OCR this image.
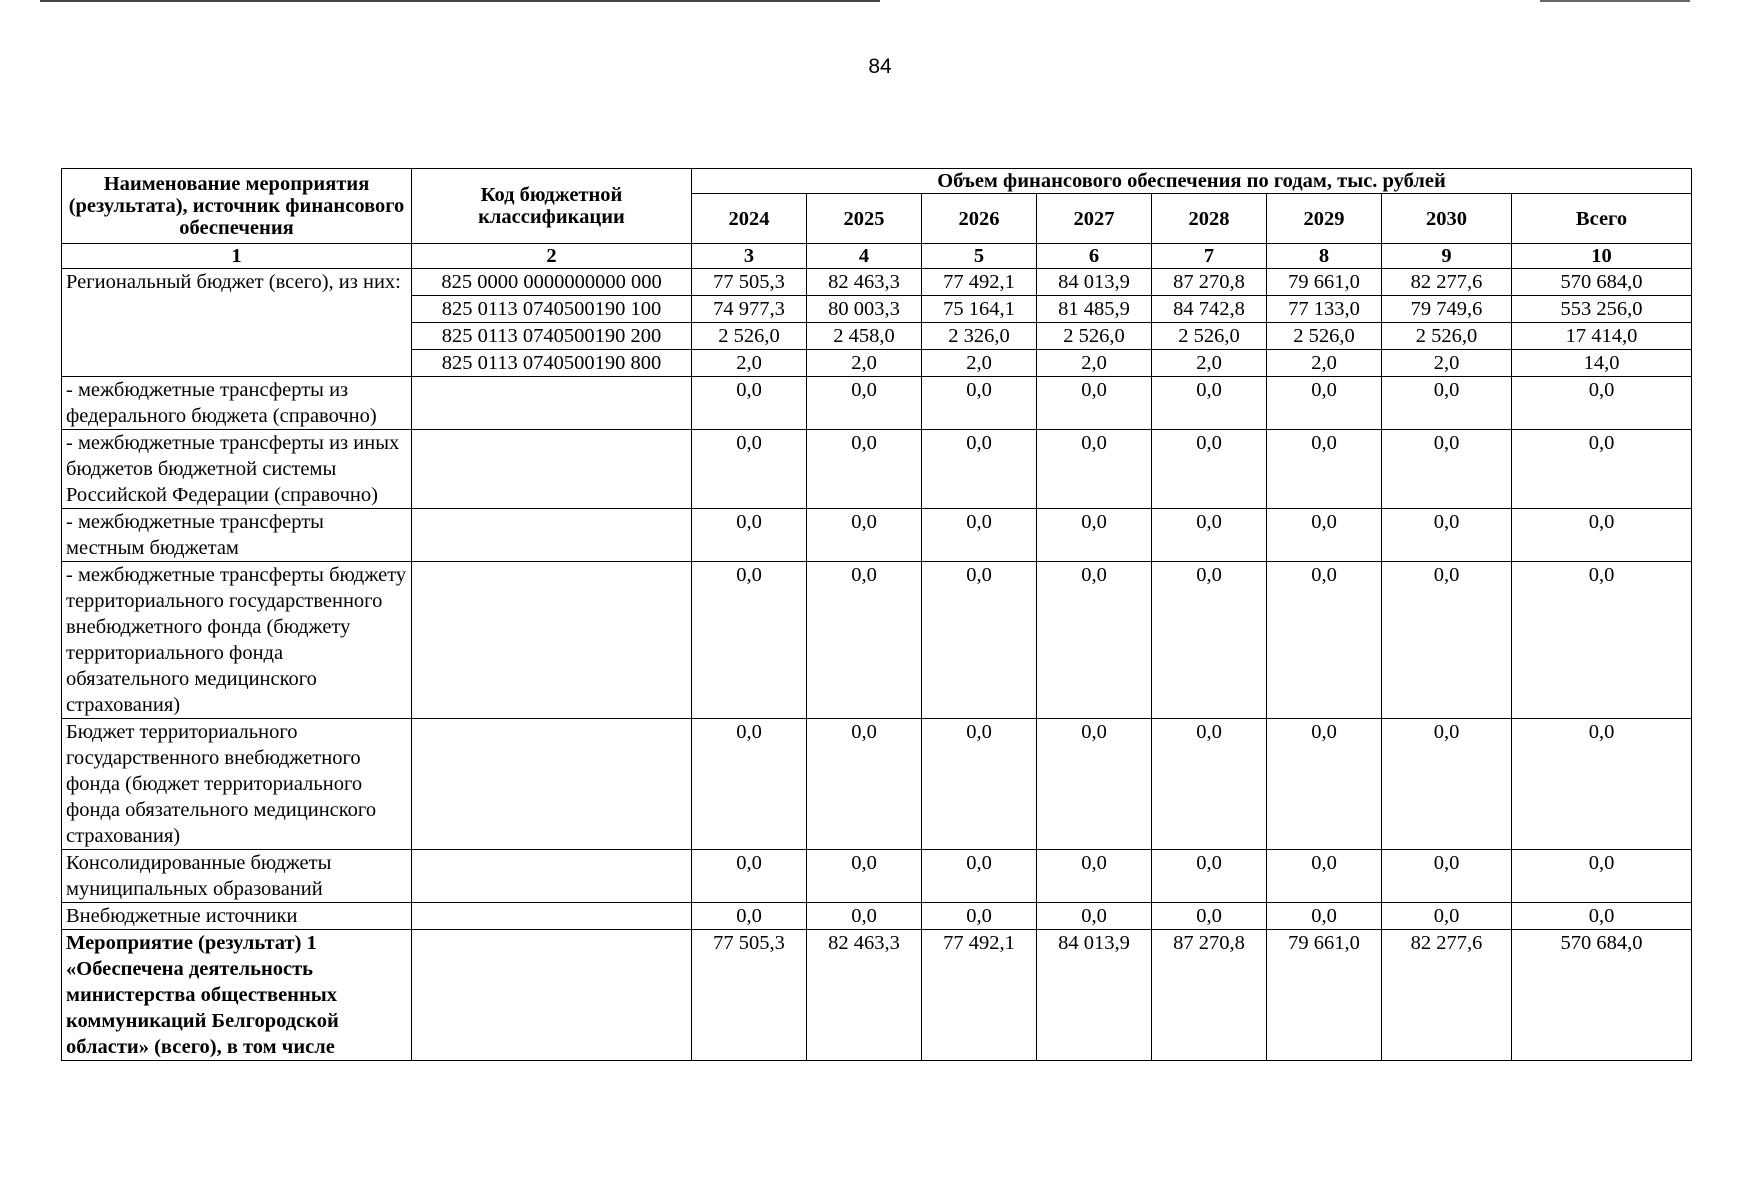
84
Наименование мероприятия (результата), источник финансового обеспечения	Код бюджетной классификации	Объем финансового обеспечения по годам, тыс. рублей							
		2024	2025	2026	2027	2028	2029	2030	Всего
1	2	3	4	5	6	7	8	9	10
Региональный бюджет (всего), из них:	825 0000 0000000000 000	77 505,3	82 463,3	77 492,1	84 013,9	87 270,8	79 661,0	82 277,6	570 684,0
	825 0113 0740500190 100	74 977,3	80 003,3	75 164,1	81 485,9	84 742,8	77 133,0	79 749,6	553 256,0
	825 0113 0740500190 200	2 526,0	2 458,0	2 326,0	2 526,0	2 526,0	2 526,0	2 526,0	17 414,0
	825 0113 0740500190 800	2,0	2,0	2,0	2,0	2,0	2,0	2,0	14,0
- межбюджетные трансферты из федерального бюджета (справочно)		0,0	0,0	0,0	0,0	0,0	0,0	0,0	0,0
- межбюджетные трансферты из иных бюджетов бюджетной системы Российской Федерации (справочно)		0,0	0,0	0,0	0,0	0,0	0,0	0,0	0,0
- межбюджетные трансферты местным бюджетам		0,0	0,0	0,0	0,0	0,0	0,0	0,0	0,0
- межбюджетные трансферты бюджету территориального государственного внебюджетного фонда (бюджету территориального фонда обязательного медицинского страхования)		0,0	0,0	0,0	0,0	0,0	0,0	0,0	0,0
Бюджет территориального государственного внебюджетного фонда (бюджет территориального фонда обязательного медицинского страхования)		0,0	0,0	0,0	0,0	0,0	0,0	0,0	0,0
Консолидированные бюджеты муниципальных образований		0,0	0,0	0,0	0,0	0,0	0,0	0,0	0,0
Внебюджетные источники		0,0	0,0	0,0	0,0	0,0	0,0	0,0	0,0
Мероприятие (результат) 1 «Обеспечена деятельность министерства общественных коммуникаций Белгородской области» (всего), в том числе		77 505,3	82 463,3	77 492,1	84 013,9	87 270,8	79 661,0	82 277,6	570 684,0
